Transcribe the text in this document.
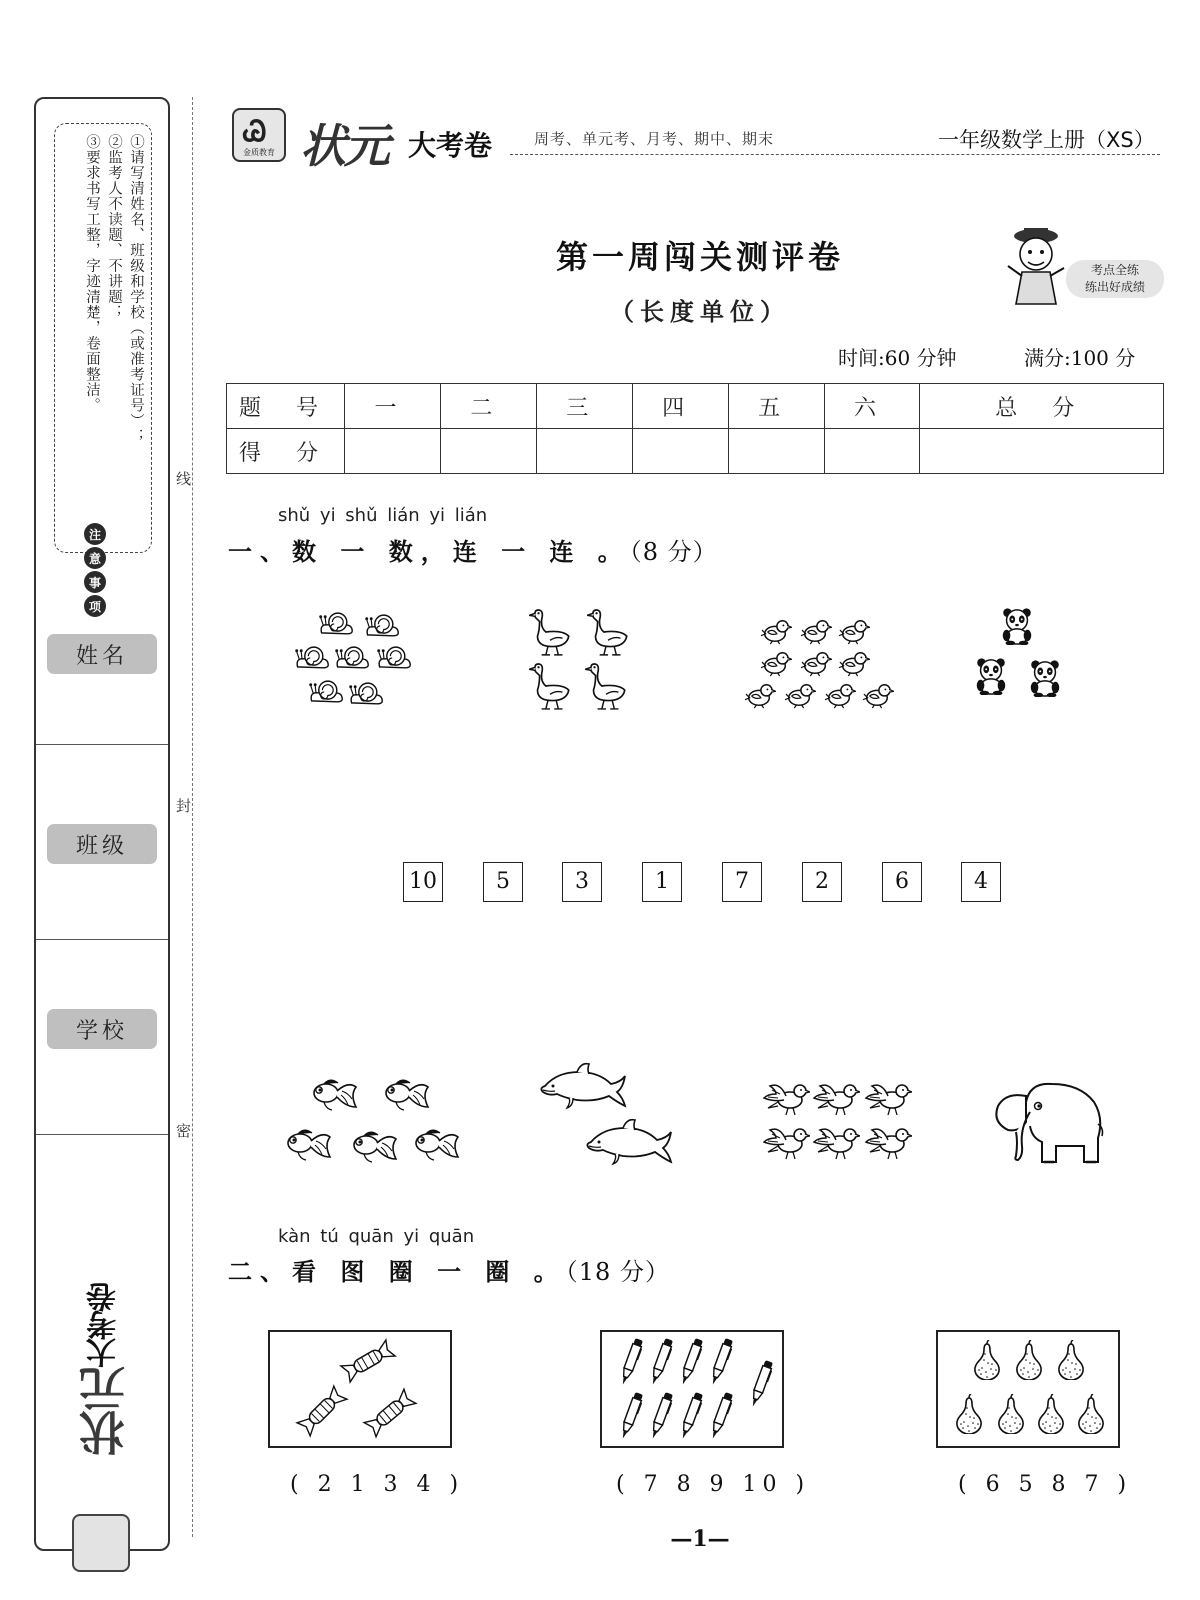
①请写清姓名、班级和学校（或准考证号）；
②监考人不读题、不讲题；
③要求书写工整，字迹清楚，卷面整洁。
注
意
事
项
姓名
班级
学校
状元大考卷
线
封
密
Ꮚ
金质教育 状元 大考卷	周考、单元考、月考、期中、期末	一年级数学上册（XS）
第一周闯关测评卷
（长度单位）
考点全练
练出好成绩
时间:60 分钟	满分:100 分
题 号	一	二	三	四	五	六	总 分
得 分							
shǔ yi shǔ lián yi lián
一、数 一 数，连 一 连 。（8 分）
10	5	3	1	7	2	6	4
kàn tú quān yi quān
二、看 图 圈 一 圈 。（18 分）
( 2 1 3 4 )	( 7 8 9 10 )	( 6 5 8 7 )
—1—
